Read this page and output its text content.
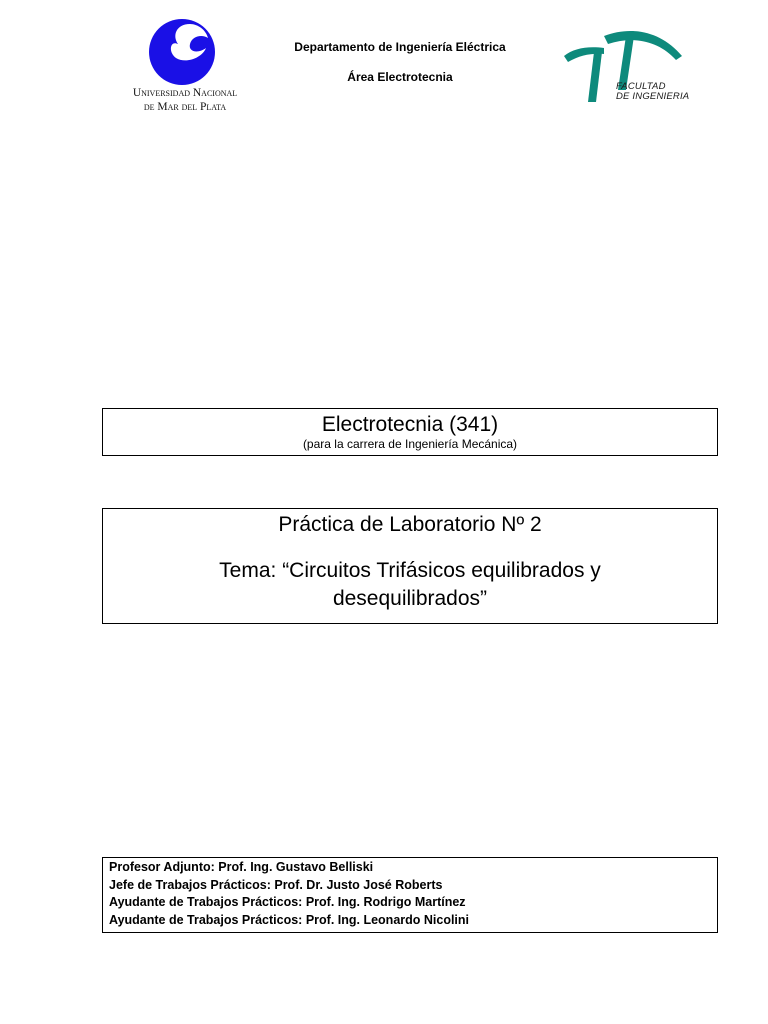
Universidad Nacional
de Mar del Plata
Departamento de Ingeniería Eléctrica
Área Electrotecnia
FACULTAD
DE INGENIERIA
Electrotecnia (341)
(para la carrera de Ingeniería Mecánica)
Práctica de Laboratorio Nº 2
Tema: “Circuitos Trifásicos equilibrados y desequilibrados”
Profesor Adjunto: Prof. Ing. Gustavo Belliski
Jefe de Trabajos Prácticos: Prof. Dr. Justo José Roberts
Ayudante de Trabajos Prácticos: Prof. Ing. Rodrigo Martínez
Ayudante de Trabajos Prácticos: Prof. Ing. Leonardo Nicolini
